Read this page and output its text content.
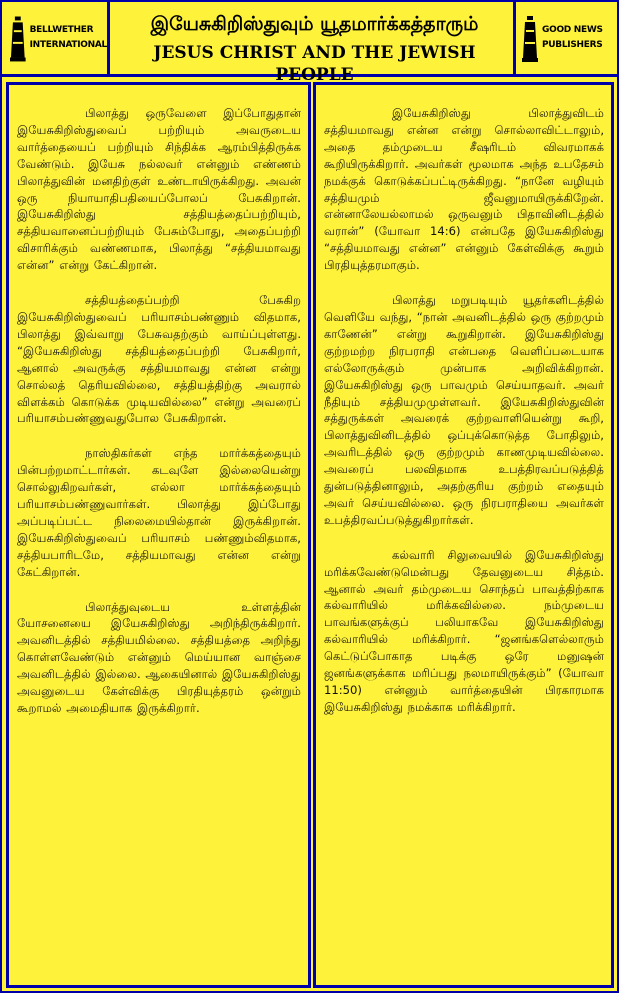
BELLWETHER
INTERNATIONAL
இயேசுகிறிஸ்துவும் யூதமார்க்கத்தாரும்
JESUS CHRIST AND THE JEWISH PEOPLE
GOOD NEWS
PUBLISHERS

பிலாத்து ஒருவேளை இப்போதுதான் இயேசுகிறிஸ்துவைப் பற்றியும் அவருடைய வார்த்தையைப் பற்றியும் சிந்திக்க ஆரம்பித்திருக்க வேண்டும். இயேசு நல்லவர் என்னும் எண்ணம் பிலாத்துவின் மனதிற்குள் உண்டாயிருக்கிறது. அவன் ஒரு நியாயாதிபதியைப்போலப் பேசுகிறான். இயேசுகிறிஸ்து சத்தியத்தைப்பற்றியும், சத்தியவானைப்பற்றியும் பேசும்போது, அதைப்பற்றி விசாரிக்கும் வண்ணமாக, பிலாத்து “சத்தியமாவது என்ன” என்று கேட்கிறான்.

சத்தியத்தைப்பற்றி பேசுகிற இயேசுகிறிஸ்துவைப் பரியாசம்பண்ணும் விதமாக, பிலாத்து இவ்வாறு பேசுவதற்கும் வாய்ப்புள்ளது. “இயேசுகிறிஸ்து சத்தியத்தைப்பற்றி பேசுகிறார், ஆனால் அவருக்கு சத்தியமாவது என்ன என்று சொல்லத் தெரியவில்லை, சத்தியத்திற்கு அவரால் விளக்கம் கொடுக்க முடியவில்லை” என்று அவரைப் பரியாசம்பண்ணுவதுபோல பேசுகிறான்.

நாஸ்திகர்கள் எந்த மார்க்கத்தையும் பின்பற்றமாட்டார்கள். கடவுளே இல்லையென்று சொல்லுகிறவர்கள், எல்லா மார்க்கத்தையும் பரியாசம்பண்ணுவார்கள். பிலாத்து இப்போது அப்படிப்பட்ட நிலைமையில்தான் இருக்கிறான். இயேசுகிறிஸ்துவைப் பரியாசம் பண்ணும்விதமாக, சத்தியபாரிடமே, சத்தியமாவது என்ன என்று கேட்கிறான்.

பிலாத்துவுடைய உள்ளத்தின் யோசனையை இயேசுகிறிஸ்து அறிந்திருக்கிறார். அவனிடத்தில் சத்தியமில்லை. சத்தியத்தை அறிந்து கொள்ளவேண்டும் என்னும் மெய்யான வாஞ்சை அவனிடத்தில் இல்லை. ஆகையினால் இயேசுகிறிஸ்து அவனுடைய கேள்விக்கு பிரதியுத்தரம் ஒன்றும் கூறாமல் அமைதியாக இருக்கிறார்.

இயேசுகிறிஸ்து பிலாத்துவிடம் சத்தியமாவது என்ன என்று சொல்லாவிட்டாலும், அதை தம்முடைய சீஷரிடம் விவரமாகக் கூறியிருக்கிறார். அவர்கள் மூலமாக அந்த உபதேசம் நமக்குக் கொடுக்கப்பட்டிருக்கிறது. “நானே வழியும் சத்தியமும் ஜீவனுமாயிருக்கிறேன். என்னாலேயல்லாமல் ஒருவனும் பிதாவினிடத்தில் வரான்” (யோவா 14:6) என்பதே இயேசுகிறிஸ்து “சத்தியமாவது என்ன” என்னும் கேள்விக்கு கூறும் பிரதியுத்தரமாகும்.

பிலாத்து மறுபடியும் யூதர்களிடத்தில் வெளியே வந்து, “நான் அவனிடத்தில் ஒரு குற்றமும் காணேன்” என்று கூறுகிறான். இயேசுகிறிஸ்து குற்றமற்ற நிரபராதி என்பதை வெளிப்படையாக எல்லோருக்கும் முன்பாக அறிவிக்கிறான். இயேசுகிறிஸ்து ஒரு பாவமும் செய்யாதவர். அவர் நீதியும் சத்தியமுமுள்ளவர். இயேசுகிறிஸ்துவின் சத்துருக்கள் அவரைக் குற்றவாளியென்று கூறி, பிலாத்துவினிடத்தில் ஒப்புக்கொடுத்த போதிலும், அவரிடத்தில் ஒரு குற்றமும் காணமுடியவில்லை. அவரைப் பலவிதமாக உபத்திரவப்படுத்தித் துன்படுத்தினாலும், அதற்குரிய குற்றம் எதையும் அவர் செய்யவில்லை. ஒரு நிரபராதியை அவர்கள் உபத்திரவப்படுத்துகிறார்கள்.

கல்வாரி சிலுவையில் இயேசுகிறிஸ்து மரிக்கவேண்டுமென்பது தேவனுடைய சித்தம். ஆனால் அவர் தம்முடைய சொந்தப் பாவத்திற்காக கல்வாரியில் மரிக்கவில்லை. நம்முடைய பாவங்களுக்குப் பலியாகவே இயேசுகிறிஸ்து கல்வாரியில் மரிக்கிறார். “ஜனங்களெல்லாரும் கெட்டுப்போகாத படிக்கு ஒரே மனுஷன் ஜனங்களுக்காக மரிப்பது நலமாயிருக்கும்” (யோவா 11:50) என்னும் வார்த்தையின் பிரகாரமாக இயேசுகிறிஸ்து நமக்காக மரிக்கிறார்.
